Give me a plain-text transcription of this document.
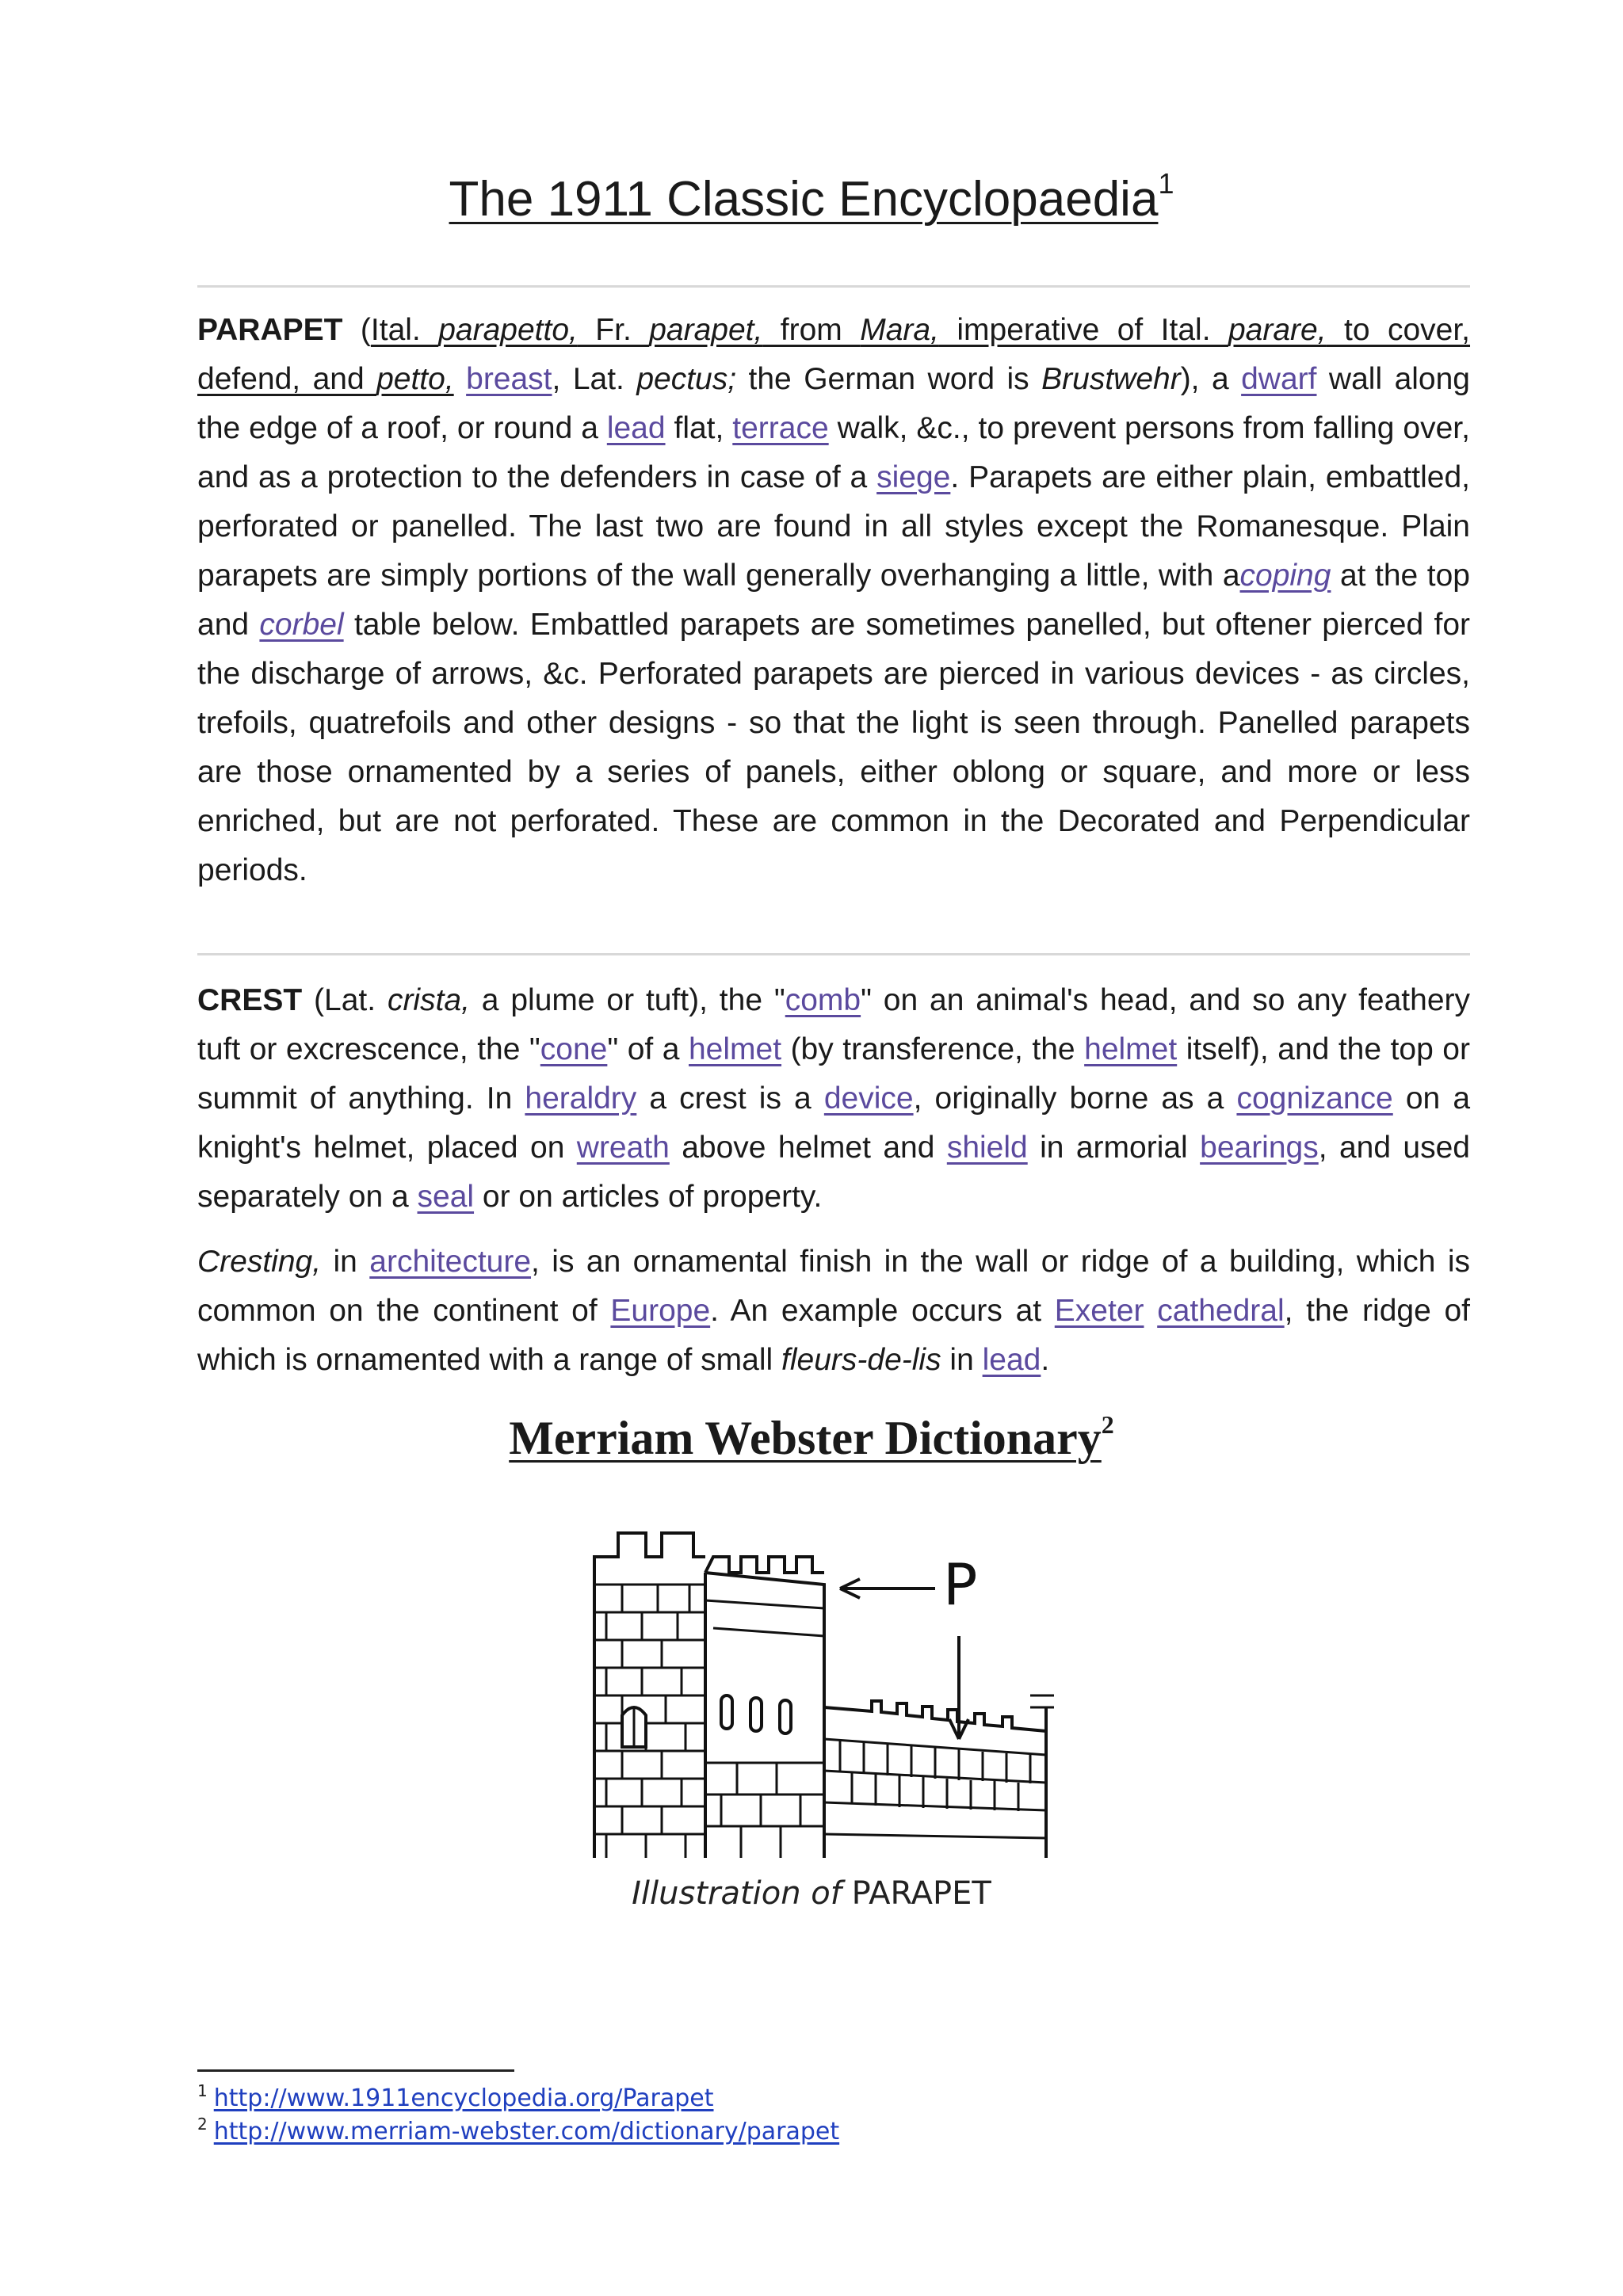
The 1911 Classic Encyclopaedia$^1$

PARAPET (Ital. parapetto, Fr. parapet, from Mara, imperative of Ital. parare, to cover, defend, and petto, breast, Lat. pectus; the German word is Brustwehr), a dwarf wall along the edge of a roof, or round a lead flat, terrace walk, &c., to prevent persons from falling over, and as a protection to the defenders in case of a siege. Parapets are either plain, embattled, perforated or panelled. The last two are found in all styles except the Romanesque. Plain parapets are simply portions of the wall generally overhanging a little, with acoping at the top and corbel table below. Embattled parapets are sometimes panelled, but oftener pierced for the discharge of arrows, &c. Perforated parapets are pierced in various devices - as circles, trefoils, quatrefoils and other designs - so that the light is seen through. Panelled parapets are those ornamented by a series of panels, either oblong or square, and more or less enriched, but are not perforated. These are common in the Decorated and Perpendicular periods.

CREST (Lat. crista, a plume or tuft), the "comb" on an animal's head, and so any feathery tuft or excrescence, the "cone" of a helmet (by transference, the helmet itself), and the top or summit of anything. In heraldry a crest is a device, originally borne as a cognizance on a knight's helmet, placed on wreath above helmet and shield in armorial bearings, and used separately on a seal or on articles of property.

Cresting, in architecture, is an ornamental finish in the wall or ridge of a building, which is common on the continent of Europe. An example occurs at Exeter cathedral, the ridge of which is ornamented with a range of small fleurs-de-lis in lead.

Merriam Webster Dictionary$^2$
P
Illustration of PARAPET
$^1$ http://www.1911encyclopedia.org/Parapet
$^2$ http://www.merriam-webster.com/dictionary/parapet
